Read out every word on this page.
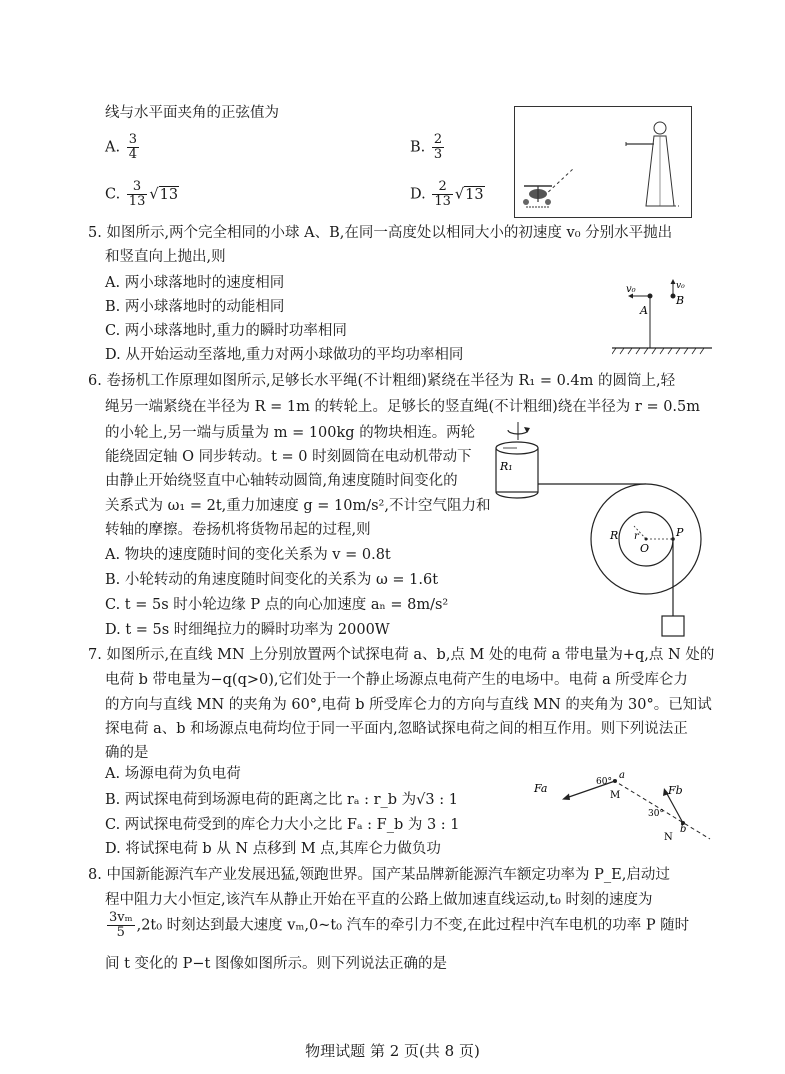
线与水平面夹角的正弦值为
A. $\frac{3}{4}$	B. $\frac{2}{3}$
C. $\frac{3}{13} √13$	D. $\frac{2}{13} √13$
5. 如图所示,两个完全相同的小球 A、B,在同一高度处以相同大小的初速度 v₀ 分别水平抛出
和竖直向上抛出,则
A. 两小球落地时的速度相同
B. 两小球落地时的动能相同
C. 两小球落地时,重力的瞬时功率相同
D. 从开始运动至落地,重力对两小球做功的平均功率相同
v₀	v₀
A
B
6. 卷扬机工作原理如图所示,足够长水平绳(不计粗细)紧绕在半径为 R₁ = 0.4m 的圆筒上,轻
绳另一端紧绕在半径为 R = 1m 的转轮上。足够长的竖直绳(不计粗细)绕在半径为 r = 0.5m
的小轮上,另一端与质量为 m = 100kg 的物块相连。两轮
能绕固定轴 O 同步转动。t = 0 时刻圆筒在电动机带动下
由静止开始绕竖直中心轴转动圆筒,角速度随时间变化的
关系式为 ω₁ = 2t,重力加速度 g = 10m/s²,不计空气阻力和
转轴的摩擦。卷扬机将货物吊起的过程,则
A. 物块的速度随时间的变化关系为 v = 0.8t
B. 小轮转动的角速度随时间变化的关系为 ω = 1.6t
C. t = 5s 时小轮边缘 P 点的向心加速度 aₙ = 8m/s²
D. t = 5s 时细绳拉力的瞬时功率为 2000W
R₁
R r
O
P
7. 如图所示,在直线 MN 上分别放置两个试探电荷 a、b,点 M 处的电荷 a 带电量为+q,点 N 处的
电荷 b 带电量为−q(q>0),它们处于一个静止场源点电荷产生的电场中。电荷 a 所受库仑力
的方向与直线 MN 的夹角为 60°,电荷 b 所受库仑力的方向与直线 MN 的夹角为 30°。已知试
探电荷 a、b 和场源点电荷均位于同一平面内,忽略试探电荷之间的相互作用。则下列说法正
确的是
A. 场源电荷为负电荷
B. 两试探电荷到场源电荷的距离之比 rₐ : r_b 为√3 : 1
C. 两试探电荷受到的库仑力大小之比 Fₐ : F_b 为 3 : 1
D. 将试探电荷 b 从 N 点移到 M 点,其库仑力做负功
Fa	60°
a
M	Fb
30°
b
N
8. 中国新能源汽车产业发展迅猛,领跑世界。国产某品牌新能源汽车额定功率为 P_E,启动过
程中阻力大小恒定,该汽车从静止开始在平直的公路上做加速直线运动,t₀ 时刻的速度为
$\frac{\text{3vₘ}}{5} ,2t_0$ 时刻达到最大速度 vₘ,0~t₀ 汽车的牵引力不变,在此过程中汽车电机的功率 P 随时
间 t 变化的 P−t 图像如图所示。则下列说法正确的是
物理试题 第 2 页(共 8 页)
